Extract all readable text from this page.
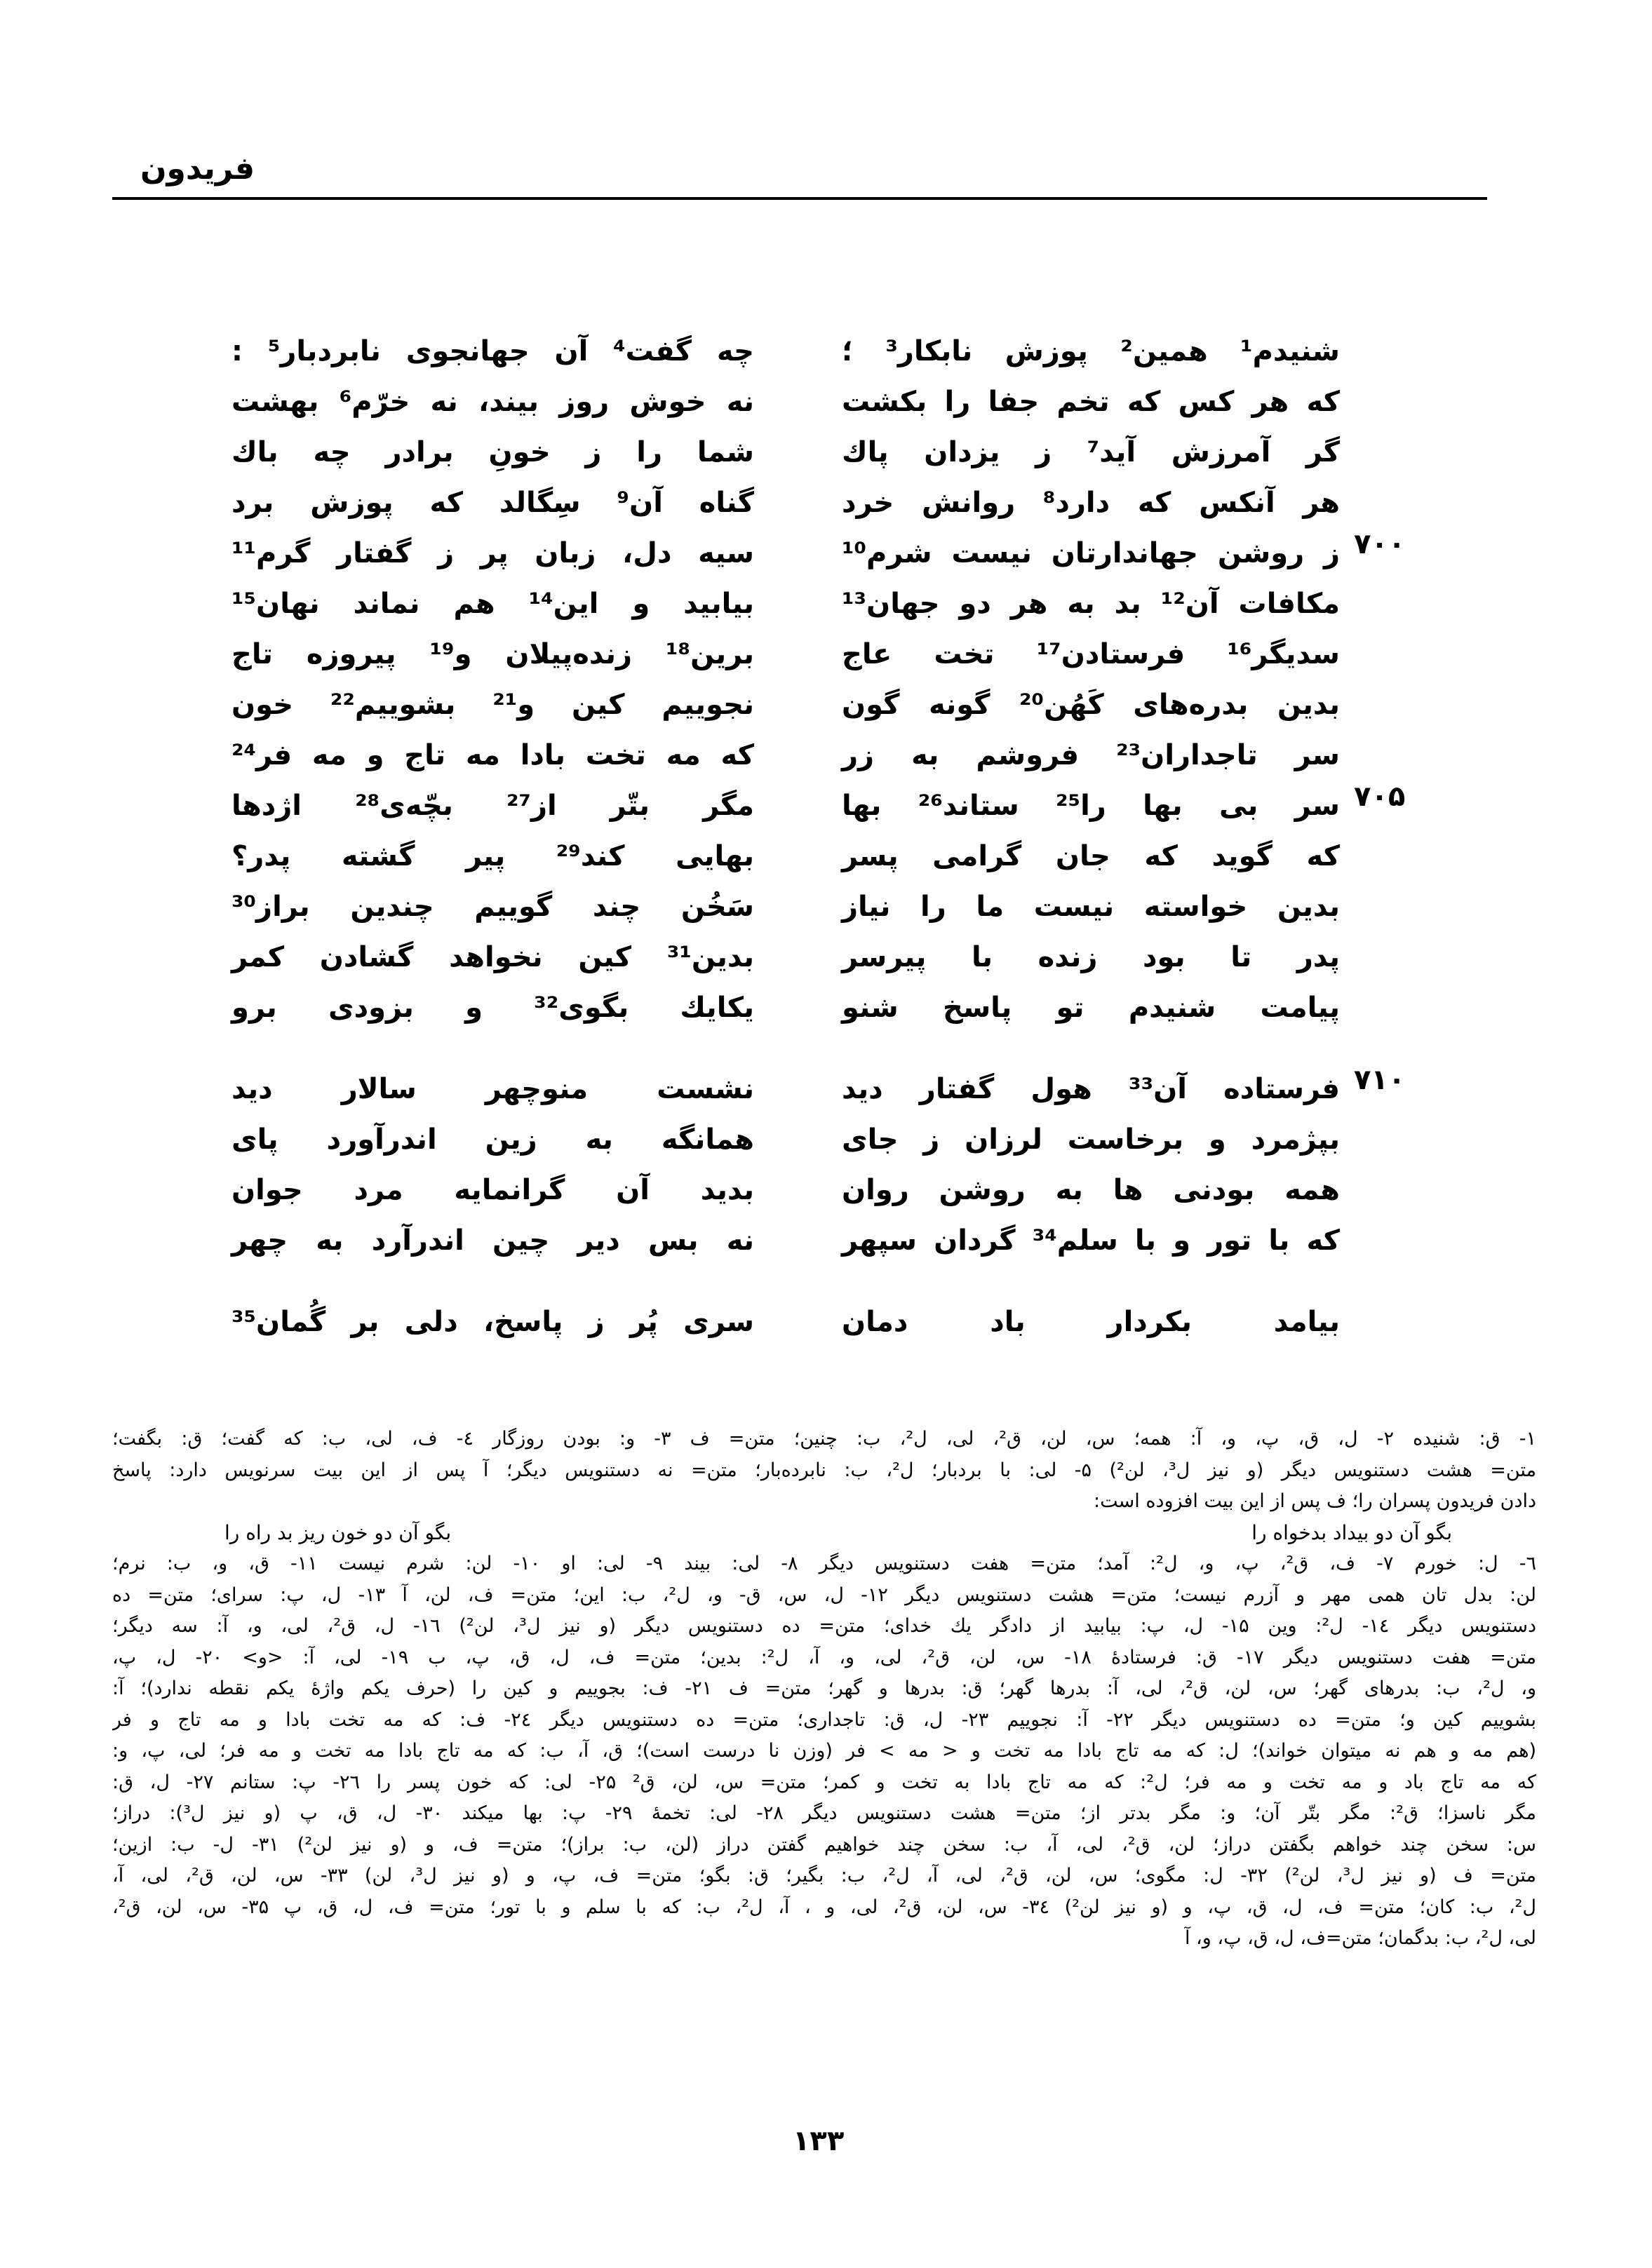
فریدون
۷۰۰
۷۰۵
۷۱۰
شنیدم¹ همین² پوزش نابکار³ ؛
که هر کس که تخم جفا را بکشت
گر آمرزش آید⁷ ز یزدان پاك
هر آنکس که دارد⁸ روانش خرد
ز روشن جهاندارتان نیست شرم¹⁰
مکافات آن¹² بد به هر دو جهان¹³
سدیگر¹⁶ فرستادن¹⁷ تخت عاج
بدین بدره‌های کَهُن²⁰ گونه گون
سر تاجداران²³ فروشم به زر
سر بی بها را²⁵ ستاند²⁶ بها
که گوید که جان گرامی پسر
بدین خواسته نیست ما را نیاز
پدر تا بود زنده با پیرسر
پیامت شنیدم تو پاسخ شنو
فرستاده آن³³ هول گفتار دید
بپژمرد و برخاست لرزان ز جای
همه بودنی ها به روشن روان
که با تور و با سلم³⁴ گردان سپهر
بیامد بکردار باد دمان
چه گفت⁴ آن جهانجوی نابردبار⁵ :
نه خوش روز بیند، نه خرّم⁶ بهشت
شما را ز خونِ برادر چه باك
گناه آن⁹ سِگالد که پوزش برد
سیه دل، زبان پر ز گفتار گرم¹¹
بیابید و این¹⁴ هم نماند نهان¹⁵
برین¹⁸ زنده‌پیلان و¹⁹ پیروزه تاج
نجوییم کین و²¹ بشوییم²² خون
که مه تخت بادا مه تاج و مه فر²⁴
مگر بتّر از²⁷ بچّه‌ی²⁸ اژدها
بهایی کند²⁹ پیر گشته پدر؟
سَخُن چند گوییم چندین براز³⁰
بدین³¹ کین نخواهد گشادن کمر
یکایك بگوی³² و بزودی برو
نشست منوچهر سالار دید
همانگه به زین اندرآورد پای
بدید آن گرانمایه مرد جوان
نه بس دیر چین اندرآرد به چهر
سری پُر ز پاسخ، دلی بر گُمان³⁵
۱- ق: شنیده ۲- ل، ق، پ، و، آ: همه؛ س، لن، ق²، لی، ل²، ب: چنین؛ متن= ف ۳- و: بودن روزگار ٤- ف، لی، ب: که گفت؛ ق: بگفت؛
متن= هشت دستنویس دیگر (و نیز ل³، لن²) ۵- لی: با بردبار؛ ل²، ب: نابرده‌بار؛ متن= نه دستنویس دیگر؛ آ پس از این بیت سرنویس دارد: پاسخ
دادن فریدون پسران را؛ ف پس از این بیت افزوده است:
بگو آن دو بیداد بدخواه را
بگو آن دو خون ریز بد راه را
٦- ل: خورم ۷- ف، ق²، پ، و، ل²: آمد؛ متن= هفت دستنویس دیگر ۸- لی: بیند ۹- لی: او ۱۰- لن: شرم نیست ۱۱- ق، و، ب: نرم؛
لن: بدل تان همی مهر و آزرم نیست؛ متن= هشت دستنویس دیگر ۱۲- ل، س، ق- و، ل²، ب: این؛ متن= ف، لن، آ ۱۳- ل، پ: سرای؛ متن= ده
دستنویس دیگر ١٤- ل²: وین ۱۵- ل، پ: بیابید از دادگر یك خدای؛ متن= ده دستنویس دیگر (و نیز ل³، لن²) ١٦- ل، ق²، لی، و، آ: سه دیگر؛
متن= هفت دستنویس دیگر ۱۷- ق: فرستادهٔ ۱۸- س، لن، ق²، لی، و، آ، ل²: بدین؛ متن= ف، ل، ق، پ، ب ۱۹- لی، آ: <و> ۲۰- ل، پ،
و، ل²، ب: بدرهای گهر؛ س، لن، ق²، لی، آ: بدرها گهر؛ ق: بدرها و گهر؛ متن= ف ۲۱- ف: بجوییم و کین را (حرف یکم واژهٔ یکم نقطه ندارد)؛ آ:
بشوییم کین و؛ متن= ده دستنویس دیگر ۲۲- آ: نجوییم ۲۳- ل، ق: تاجداری؛ متن= ده دستنویس دیگر ٢٤- ف: که مه تخت بادا و مه تاج و فر
(هم مه و هم نه میتوان خواند)؛ ل: که مه تاج بادا مه تخت و < مه > فر (وزن نا درست است)؛ ق، آ، ب: که مه تاج بادا مه تخت و مه فر؛ لی، پ، و:
که مه تاج باد و مه تخت و مه فر؛ ل²: که مه تاج بادا به تخت و کمر؛ متن= س، لن، ق² ۲۵- لی: که خون پسر را ۲٦- پ: ستانم ۲۷- ل، ق:
مگر ناسزا؛ ق²: مگر بتّر آن؛ و: مگر بدتر از؛ متن= هشت دستنویس دیگر ۲۸- لی: تخمهٔ ۲۹- پ: بها میکند ۳۰- ل، ق، پ (و نیز ل³): دراز؛
س: سخن چند خواهم بگفتن دراز؛ لن، ق²، لی، آ، ب: سخن چند خواهیم گفتن دراز (لن، ب: براز)؛ متن= ف، و (و نیز لن²) ۳۱- ل- ب: ازین؛
متن= ف (و نیز ل³، لن²) ۳۲- ل: مگوی؛ س، لن، ق²، لی، آ، ل²، ب: بگیر؛ ق: بگو؛ متن= ف، پ، و (و نیز ل³، لن) ۳۳- س، لن، ق²، لی، آ،
ل²، ب: کان؛ متن= ف، ل، ق، پ، و (و نیز لن²) ۳٤- س، لن، ق²، لی، و ، آ، ل²، ب: که با سلم و با تور؛ متن= ف، ل، ق، پ ۳۵- س، لن، ق²،
لی، ل²، ب: بدگمان؛ متن=ف، ل، ق، پ، و، آ
۱۳۳
